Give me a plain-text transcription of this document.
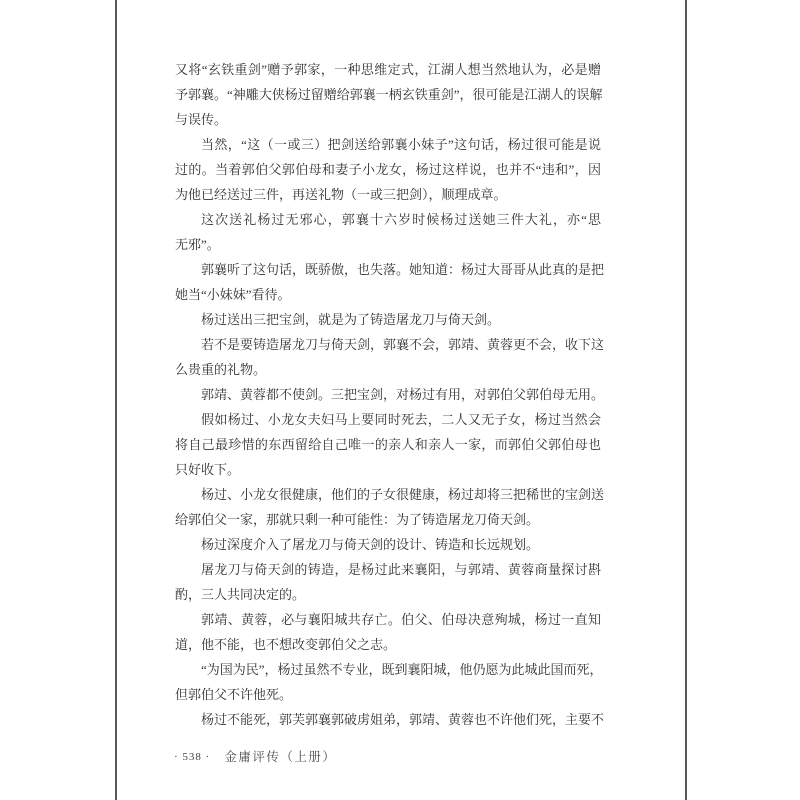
又将“玄铁重剑”赠予郭家，一种思维定式，江湖人想当然地认为，必是赠
予郭襄。“神雕大侠杨过留赠给郭襄一柄玄铁重剑”，很可能是江湖人的误解
与误传。
当然，“这（一或三）把剑送给郭襄小妹子”这句话，杨过很可能是说
过的。当着郭伯父郭伯母和妻子小龙女，杨过这样说，也并不“违和”，因
为他已经送过三件，再送礼物（一或三把剑），顺理成章。
这次送礼杨过无邪心，郭襄十六岁时候杨过送她三件大礼，亦“思
无邪”。
郭襄听了这句话，既骄傲，也失落。她知道：杨过大哥哥从此真的是把
她当“小妹妹”看待。
杨过送出三把宝剑，就是为了铸造屠龙刀与倚天剑。
若不是要铸造屠龙刀与倚天剑，郭襄不会，郭靖、黄蓉更不会，收下这
么贵重的礼物。
郭靖、黄蓉都不使剑。三把宝剑，对杨过有用，对郭伯父郭伯母无用。
假如杨过、小龙女夫妇马上要同时死去，二人又无子女，杨过当然会
将自己最珍惜的东西留给自己唯一的亲人和亲人一家，而郭伯父郭伯母也
只好收下。
杨过、小龙女很健康，他们的子女很健康，杨过却将三把稀世的宝剑送
给郭伯父一家，那就只剩一种可能性：为了铸造屠龙刀倚天剑。
杨过深度介入了屠龙刀与倚天剑的设计、铸造和长远规划。
屠龙刀与倚天剑的铸造，是杨过此来襄阳，与郭靖、黄蓉商量探讨斟
酌，三人共同决定的。
郭靖、黄蓉，必与襄阳城共存亡。伯父、伯母决意殉城，杨过一直知
道，他不能，也不想改变郭伯父之志。
“为国为民”，杨过虽然不专业，既到襄阳城，他仍愿为此城此国而死，
但郭伯父不许他死。
杨过不能死，郭芙郭襄郭破虏姐弟，郭靖、黄蓉也不许他们死，主要不
· 538 · 金庸评传（上册）
